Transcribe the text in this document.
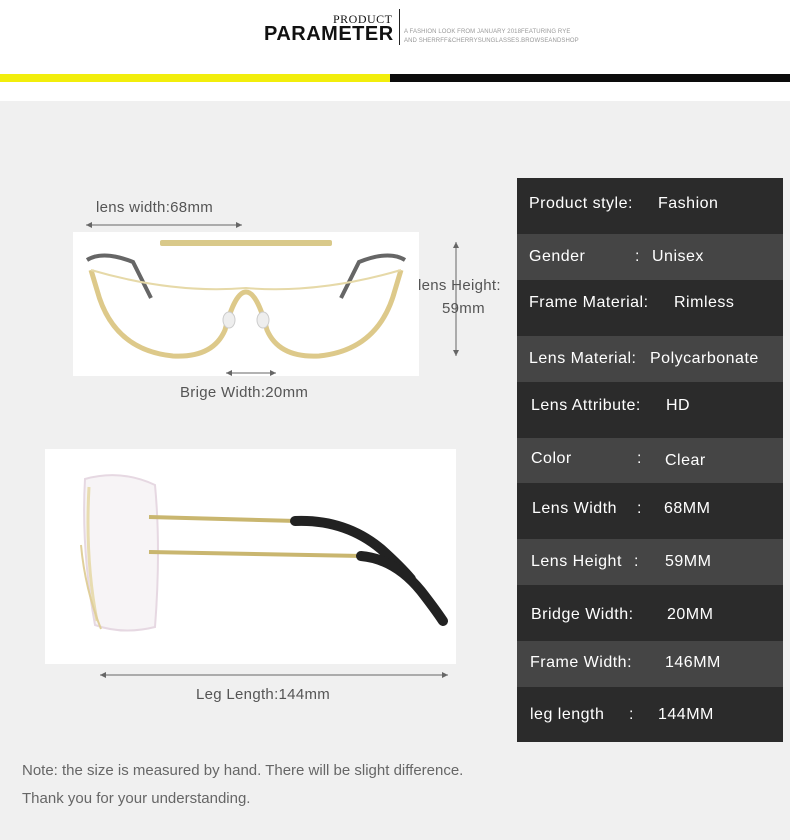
PRODUCT
PARAMETER A FASHION LOOK FROM JANUARY 2018FEATURING RYE
AND SHERRFF&CHERRYSUNGLASSES.BROWSEANDSHOP
lens width:68mm
lens Height:
59mm
Brige Width:20mm
Leg Length:144mm
Product style: Fashion
Gender	: Unisex
Frame Material: Rimless
Lens Material: Polycarbonate
Lens Attribute: HD
Color	: Clear
Lens Width : 68MM
Lens Height : 59MM
Bridge Width: 20MM
Frame Width: 146MM
leg length : 144MM
Note: the size is measured by hand. There will be slight difference.
Thank you for your understanding.
